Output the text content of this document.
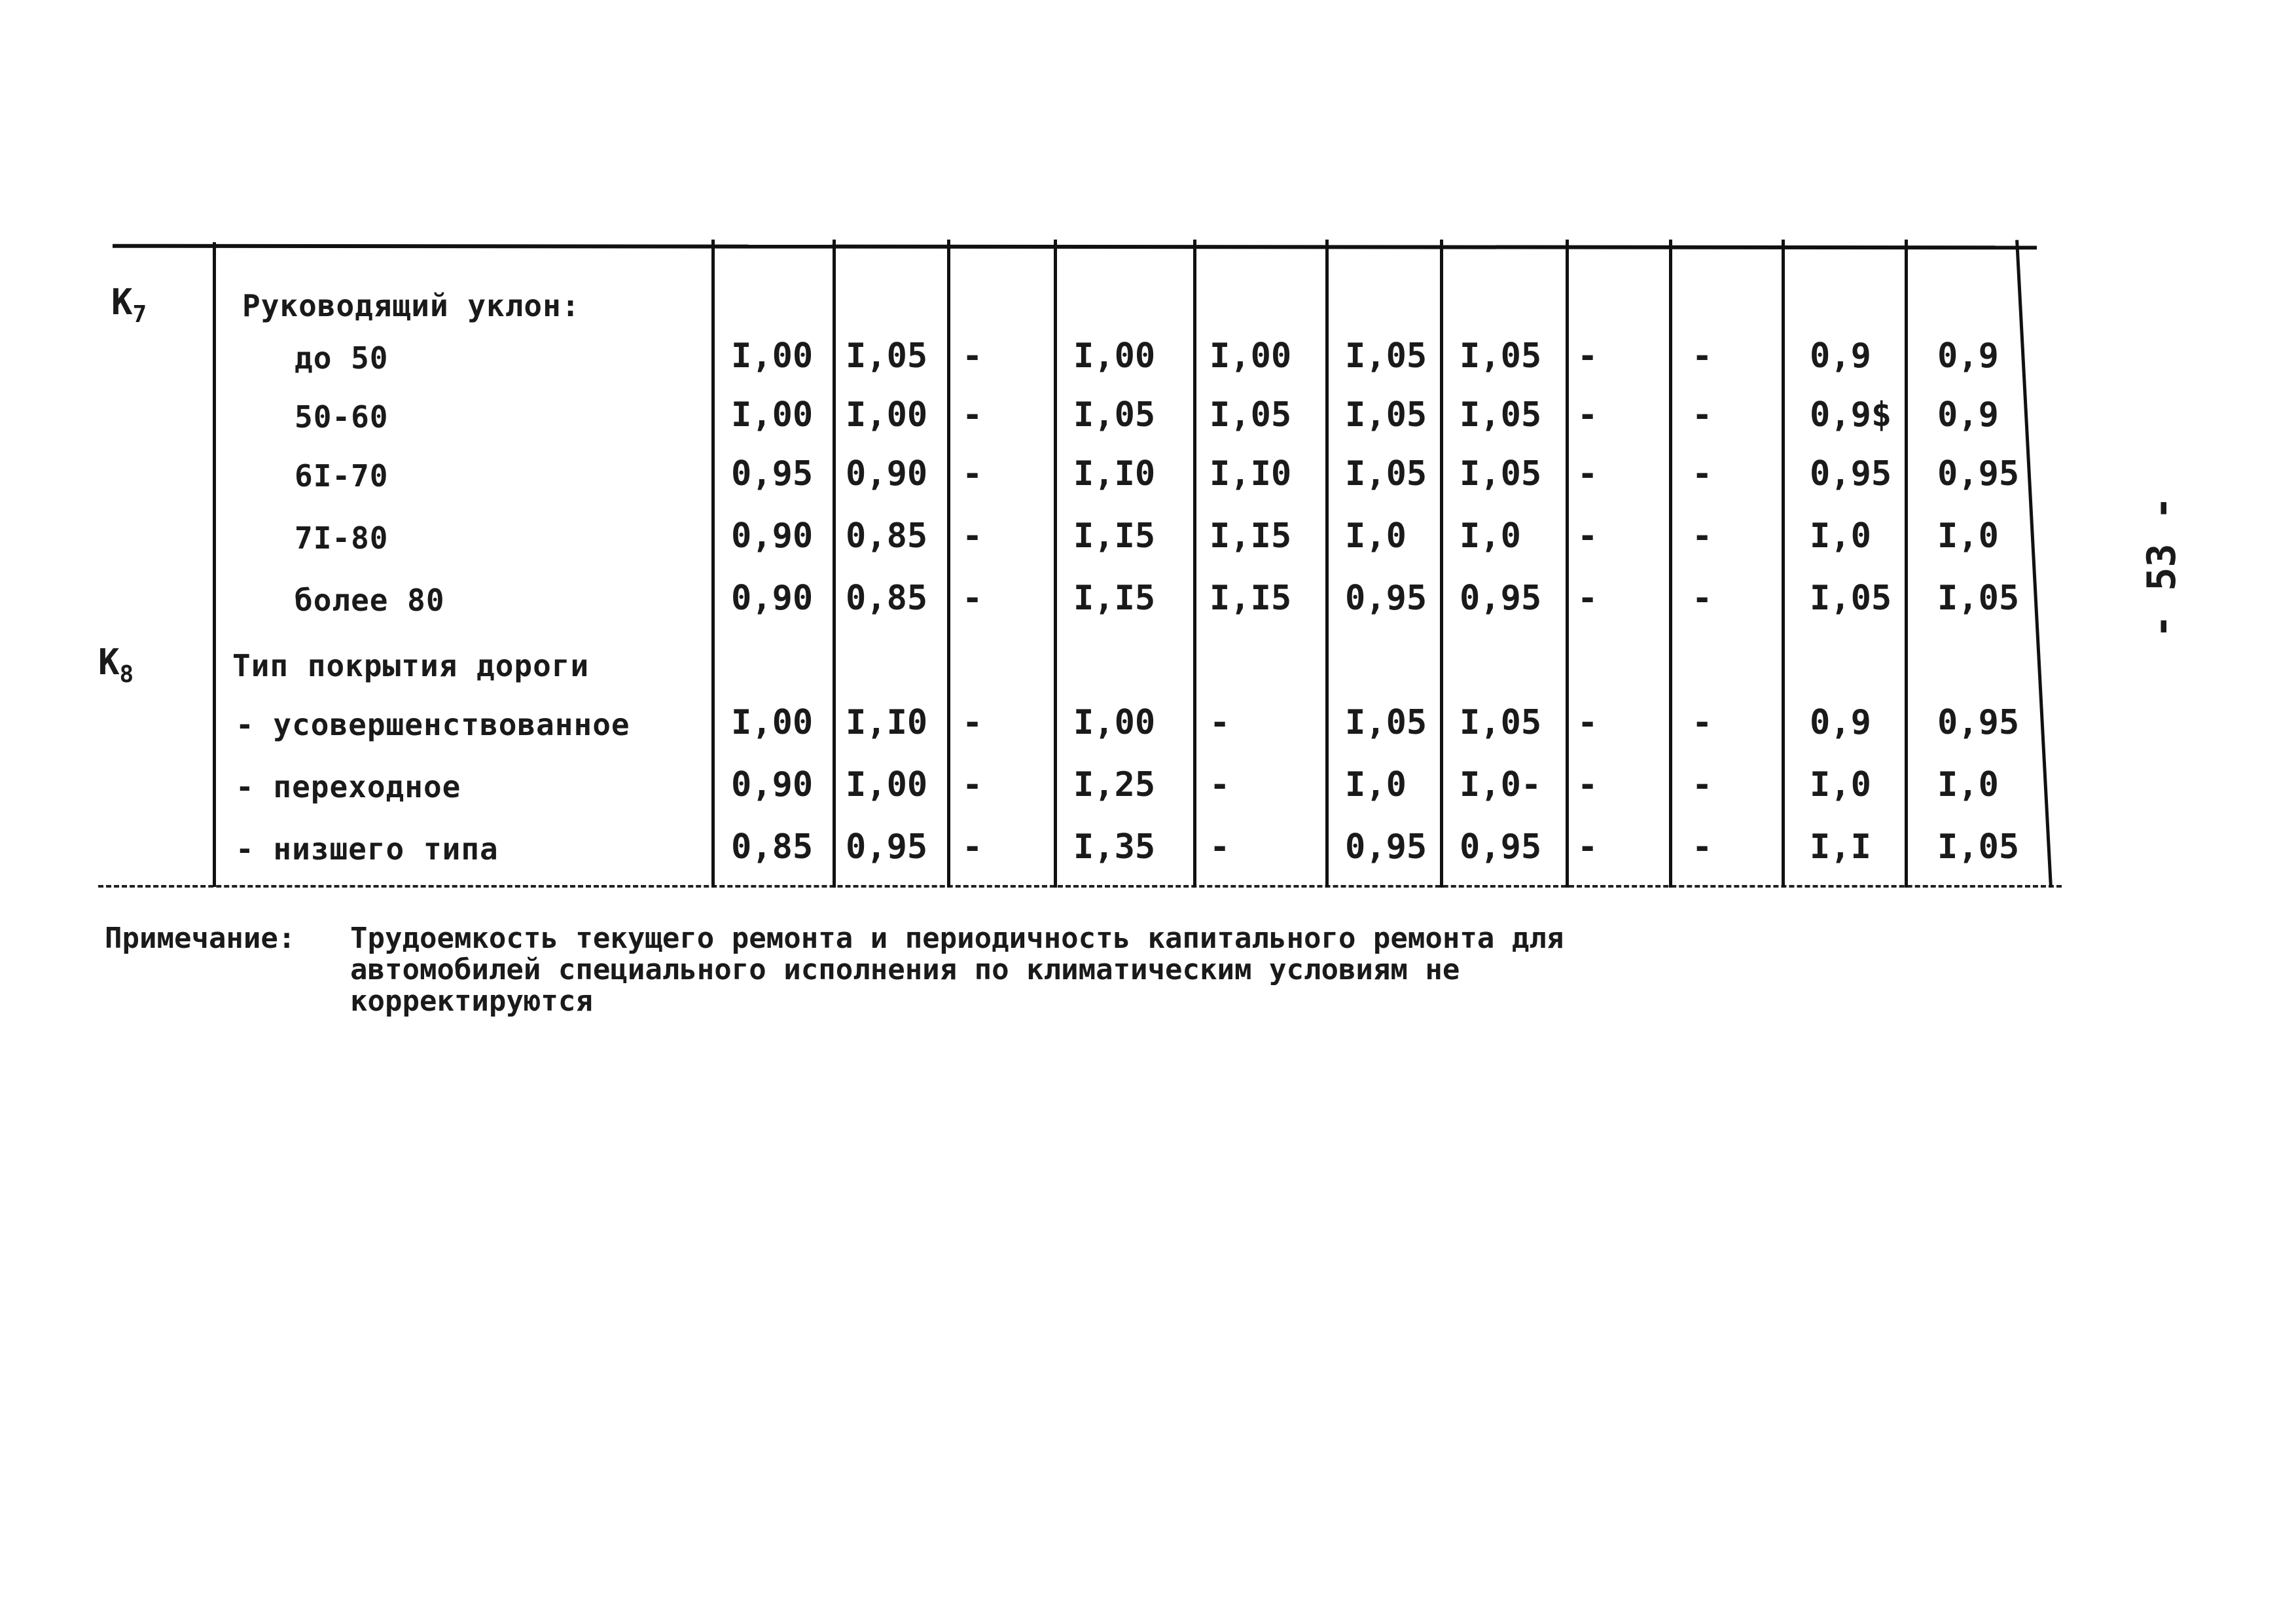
$K_7$	Руководящий уклон:
до 50	I,00 I,05 -	I,00 I,00 I,05 I,05 -	-	0,9 0,9
50-60	I,00 I,00 -	I,05 I,05 I,05 I,05 -	-	0,9$ 0,9
6I-70	0,95 0,90 -	I,I0 I,I0 I,05 I,05 -	-	0,95 0,95
7I-80	0,90 0,85 -	I,I5 I,I5 I,0 I,0 -	-	I,0 I,0
более 80	0,90 0,85 -	I,I5 I,I5 0,95 0,95 -	-	I,05 I,05
$K_8$	Тип покрытия дороги
- усовершенствованное	I,00 I,I0 -	I,00 -	I,05 I,05 -	-	0,9 0,95
- переходное	0,90 I,00 -	I,25 -	I,0 I,0- -	-	I,0 I,0
- низшего типа	0,85 0,95 -	I,35 -	0,95 0,95 -	-	I,I I,05
Примечание: Трудоемкость текущего ремонта и периодичность капитального ремонта для
автомобилей специального исполнения по климатическим условиям не
корректируются
- 53 -
